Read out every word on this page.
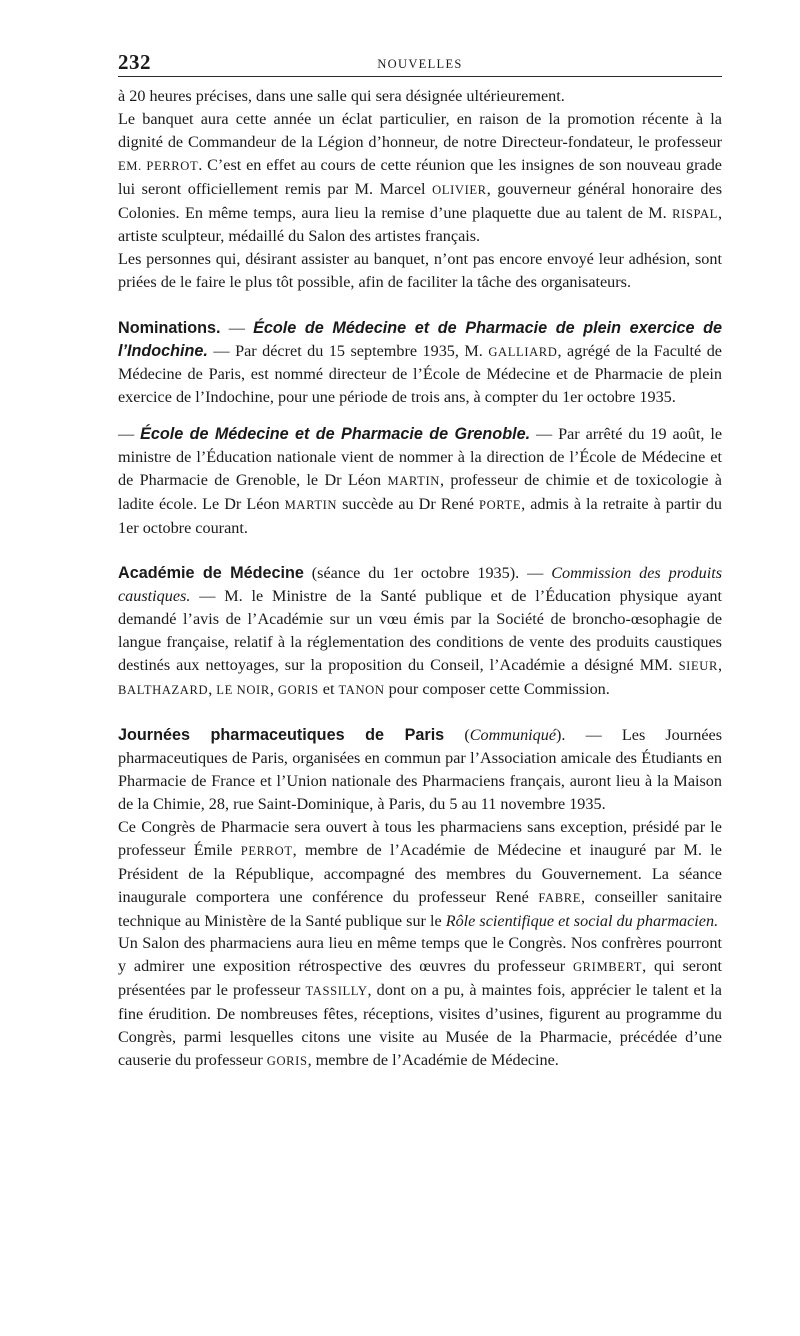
232	NOUVELLES

à 20 heures précises, dans une salle qui sera désignée ultérieurement.

Le banquet aura cette année un éclat particulier, en raison de la promotion récente à la dignité de Commandeur de la Légion d’honneur, de notre Directeur-fondateur, le professeur EM. PERROT. C’est en effet au cours de cette réunion que les insignes de son nouveau grade lui seront officiellement remis par M. Marcel OLIVIER, gouverneur général honoraire des Colonies. En même temps, aura lieu la remise d’une plaquette due au talent de M. RISPAL, artiste sculpteur, médaillé du Salon des artistes français.

Les personnes qui, désirant assister au banquet, n’ont pas encore envoyé leur adhésion, sont priées de le faire le plus tôt possible, afin de faciliter la tâche des organisateurs.

Nominations. — École de Médecine et de Pharmacie de plein exercice de l’Indochine. — Par décret du 15 septembre 1935, M. GALLIARD, agrégé de la Faculté de Médecine de Paris, est nommé directeur de l’École de Médecine et de Pharmacie de plein exercice de l’Indochine, pour une période de trois ans, à compter du 1er octobre 1935.

— École de Médecine et de Pharmacie de Grenoble. — Par arrêté du 19 août, le ministre de l’Éducation nationale vient de nommer à la direction de l’École de Médecine et de Pharmacie de Grenoble, le Dr Léon MARTIN, professeur de chimie et de toxicologie à ladite école. Le Dr Léon MARTIN succède au Dr René PORTE, admis à la retraite à partir du 1er octobre courant.

Académie de Médecine (séance du 1er octobre 1935). — Commission des produits caustiques. — M. le Ministre de la Santé publique et de l’Éducation physique ayant demandé l’avis de l’Académie sur un vœu émis par la Société de broncho-œsophagie de langue française, relatif à la réglementation des conditions de vente des produits caustiques destinés aux nettoyages, sur la proposition du Conseil, l’Académie a désigné MM. SIEUR, BALTHAZARD, LE NOIR, GORIS et TANON pour composer cette Commission.

Journées pharmaceutiques de Paris (Communiqué). — Les Journées pharmaceutiques de Paris, organisées en commun par l’Association amicale des Étudiants en Pharmacie de France et l’Union nationale des Pharmaciens français, auront lieu à la Maison de la Chimie, 28, rue Saint-Dominique, à Paris, du 5 au 11 novembre 1935.

Ce Congrès de Pharmacie sera ouvert à tous les pharmaciens sans exception, présidé par le professeur Émile PERROT, membre de l’Académie de Médecine et inauguré par M. le Président de la République, accompagné des membres du Gouvernement. La séance inaugurale comportera une conférence du professeur René FABRE, conseiller sanitaire technique au Ministère de la Santé publique sur le Rôle scientifique et social du pharmacien.

Un Salon des pharmaciens aura lieu en même temps que le Congrès. Nos confrères pourront y admirer une exposition rétrospective des œuvres du professeur GRIMBERT, qui seront présentées par le professeur TASSILLY, dont on a pu, à maintes fois, apprécier le talent et la fine érudition. De nombreuses fêtes, réceptions, visites d’usines, figurent au programme du Congrès, parmi lesquelles citons une visite au Musée de la Pharmacie, précédée d’une causerie du professeur GORIS, membre de l’Académie de Médecine.
